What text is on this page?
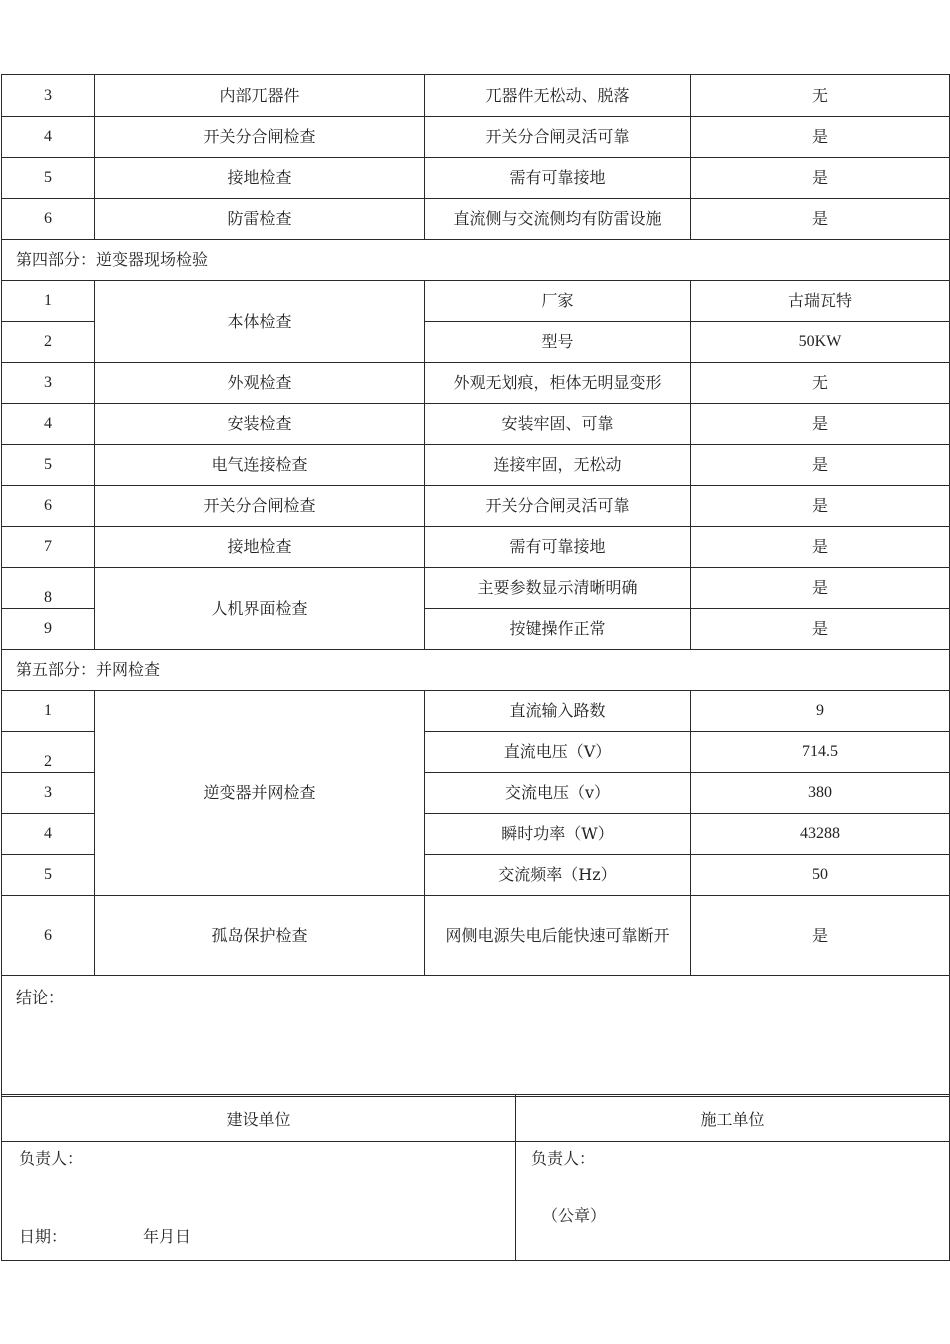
3	内部兀器件	兀器件无松动、脱落	无
4	开关分合闸检查	开关分合闸灵活可靠	是
5	接地检查	需有可靠接地	是
6	防雷检查	直流侧与交流侧均有防雷设施	是
第四部分：逆变器现场检验			
1	本体检查	厂家	古瑞瓦特
2		型号	50KW
3	外观检查	外观无划痕，柜体无明显变形	无
4	安装检查	安装牢固、可靠	是
5	电气连接检查	连接牢固，无松动	是
6	开关分合闸检查	开关分合闸灵活可靠	是
7	接地检查	需有可靠接地	是
8	人机界面检查	主要参数显示清晰明确	是
9		按键操作正常	是
第五部分：并网检查			
1	逆变器并网检查	直流输入路数	9
2		直流电压（V）	714.5
3		交流电压（v）	380
4		瞬时功率（W）	43288
5		交流频率（Hz）	50
6	孤岛保护检查	网侧电源失电后能快速可靠断开	是
结论：			
建设单位	施工单位

负责人：
日期： 年月日	负责人：
（公章）
